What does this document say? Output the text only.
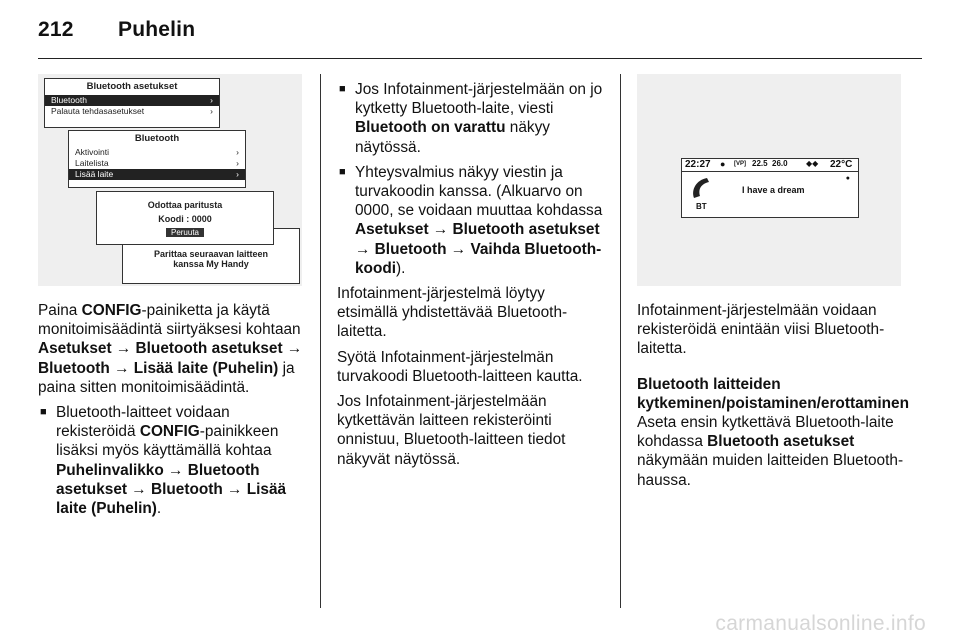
212 Puhelin
Bluetooth asetukset
Bluetooth	›
Palauta tehdasasetukset	›
Bluetooth
Aktivointi	›
Laitelista	›
Lisää laite	›
Parittaa seuraavan laitteen
kanssa My Handy
Odottaa paritusta
Koodi : 0000
Peruuta
22:27 ● [VP] 22.5 26.0 ◆◆ 22°C
BT
I have a dream
●

Paina CONFIG-painiketta ja käytä monitoimisäädintä siirtyäksesi kohtaan Asetukset → Bluetooth asetukset → Bluetooth → Lisää laite (Puhelin) ja paina sitten monitoimisäädintä.

■ Bluetooth-laitteet voidaan rekisteröidä CONFIG-painikkeen lisäksi myös käyttämällä kohtaa Puhelinvalikko → Bluetooth asetukset → Bluetooth → Lisää laite (Puhelin).
■ Jos Infotainment-järjestelmään on jo kytketty Bluetooth-laite, viesti Bluetooth on varattu näkyy näytössä.
■ Yhteysvalmius näkyy viestin ja turvakoodin kanssa. (Alkuarvo on 0000, se voidaan muuttaa kohdassa Asetukset → Bluetooth asetukset → Bluetooth → Vaihda Bluetooth-koodi).

Infotainment-järjestelmä löytyy etsimällä yhdistettävää Bluetooth-laitetta.

Syötä Infotainment-järjestelmän turvakoodi Bluetooth-laitteen kautta.

Jos Infotainment-järjestelmään kytkettävän laitteen rekisteröinti onnistuu, Bluetooth-laitteen tiedot näkyvät näytössä.

Infotainment-järjestelmään voidaan rekisteröidä enintään viisi Bluetooth-laitetta.

Bluetooth laitteiden kytkeminen/poistaminen/erottaminen

Aseta ensin kytkettävä Bluetooth-laite kohdassa Bluetooth asetukset näkymään muiden laitteiden Bluetooth-haussa.

carmanualsonline.info
